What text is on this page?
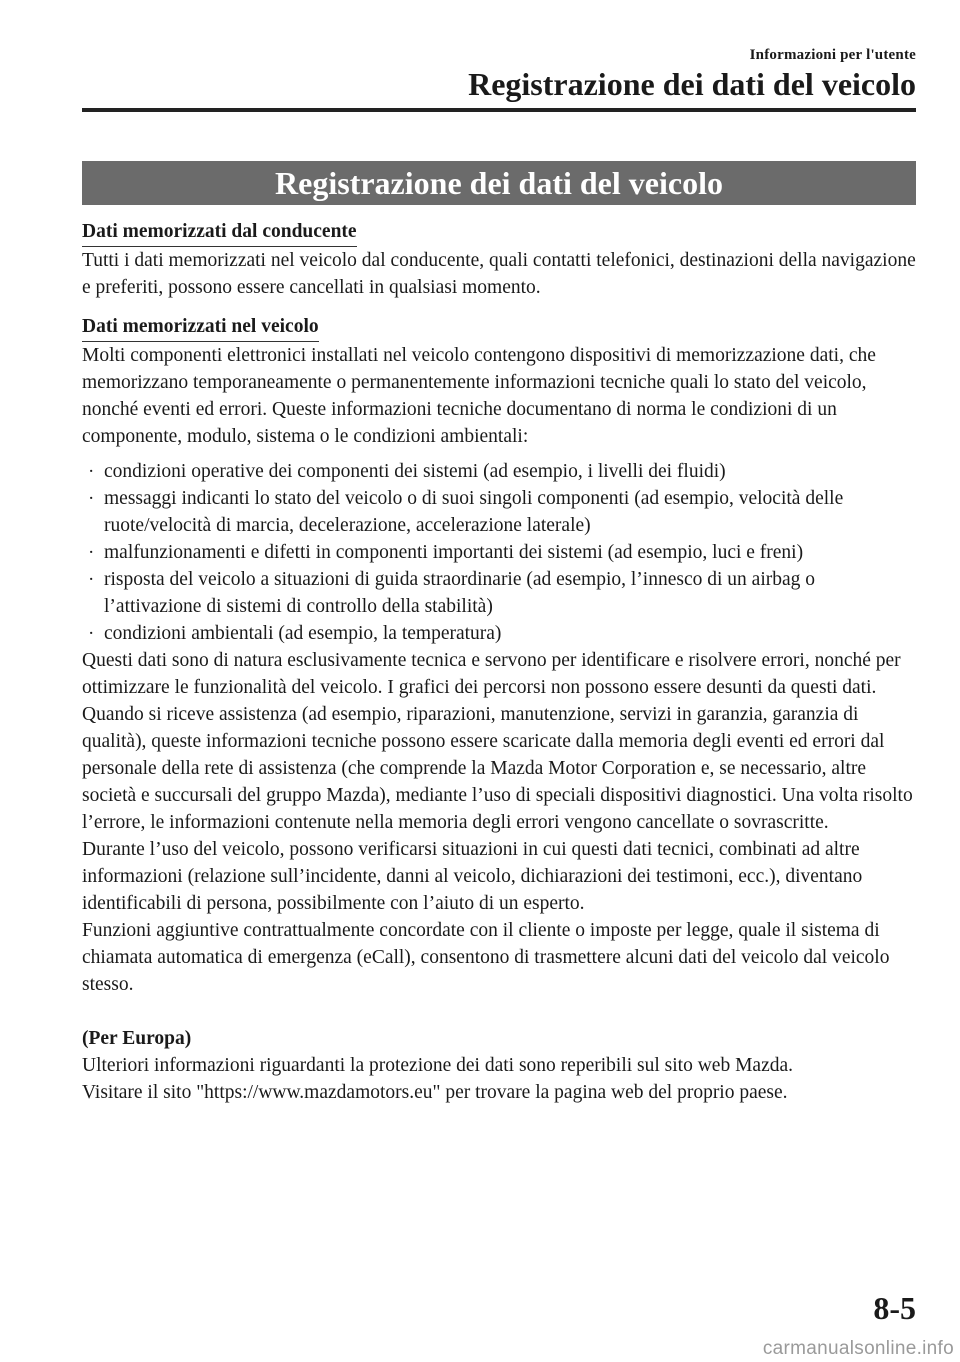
Informazioni per l'utente
Registrazione dei dati del veicolo
Registrazione dei dati del veicolo
Dati memorizzati dal conducente

Tutti i dati memorizzati nel veicolo dal conducente, quali contatti telefonici, destinazioni della navigazione e preferiti, possono essere cancellati in qualsiasi momento.

Dati memorizzati nel veicolo

Molti componenti elettronici installati nel veicolo contengono dispositivi di memorizzazione dati, che memorizzano temporaneamente o permanentemente informazioni tecniche quali lo stato del veicolo, nonché eventi ed errori. Queste informazioni tecniche documentano di norma le condizioni di un componente, modulo, sistema o le condizioni ambientali:

· condizioni operative dei componenti dei sistemi (ad esempio, i livelli dei fluidi)
· messaggi indicanti lo stato del veicolo o di suoi singoli componenti (ad esempio, velocità delle ruote/velocità di marcia, decelerazione, accelerazione laterale)
· malfunzionamenti e difetti in componenti importanti dei sistemi (ad esempio, luci e freni)
· risposta del veicolo a situazioni di guida straordinarie (ad esempio, l’innesco di un airbag o l’attivazione di sistemi di controllo della stabilità)
· condizioni ambientali (ad esempio, la temperatura)

Questi dati sono di natura esclusivamente tecnica e servono per identificare e risolvere errori, nonché per ottimizzare le funzionalità del veicolo. I grafici dei percorsi non possono essere desunti da questi dati.

Quando si riceve assistenza (ad esempio, riparazioni, manutenzione, servizi in garanzia, garanzia di qualità), queste informazioni tecniche possono essere scaricate dalla memoria degli eventi ed errori dal personale della rete di assistenza (che comprende la Mazda Motor Corporation e, se necessario, altre società e succursali del gruppo Mazda), mediante l’uso di speciali dispositivi diagnostici. Una volta risolto l’errore, le informazioni contenute nella memoria degli errori vengono cancellate o sovrascritte.

Durante l’uso del veicolo, possono verificarsi situazioni in cui questi dati tecnici, combinati ad altre informazioni (relazione sull’incidente, danni al veicolo, dichiarazioni dei testimoni, ecc.), diventano identificabili di persona, possibilmente con l’aiuto di un esperto.

Funzioni aggiuntive contrattualmente concordate con il cliente o imposte per legge, quale il sistema di chiamata automatica di emergenza (eCall), consentono di trasmettere alcuni dati del veicolo dal veicolo stesso.

(Per Europa)

Ulteriori informazioni riguardanti la protezione dei dati sono reperibili sul sito web Mazda.

Visitare il sito "https://www.mazdamotors.eu" per trovare la pagina web del proprio paese.

8-5
carmanualsonline.info
